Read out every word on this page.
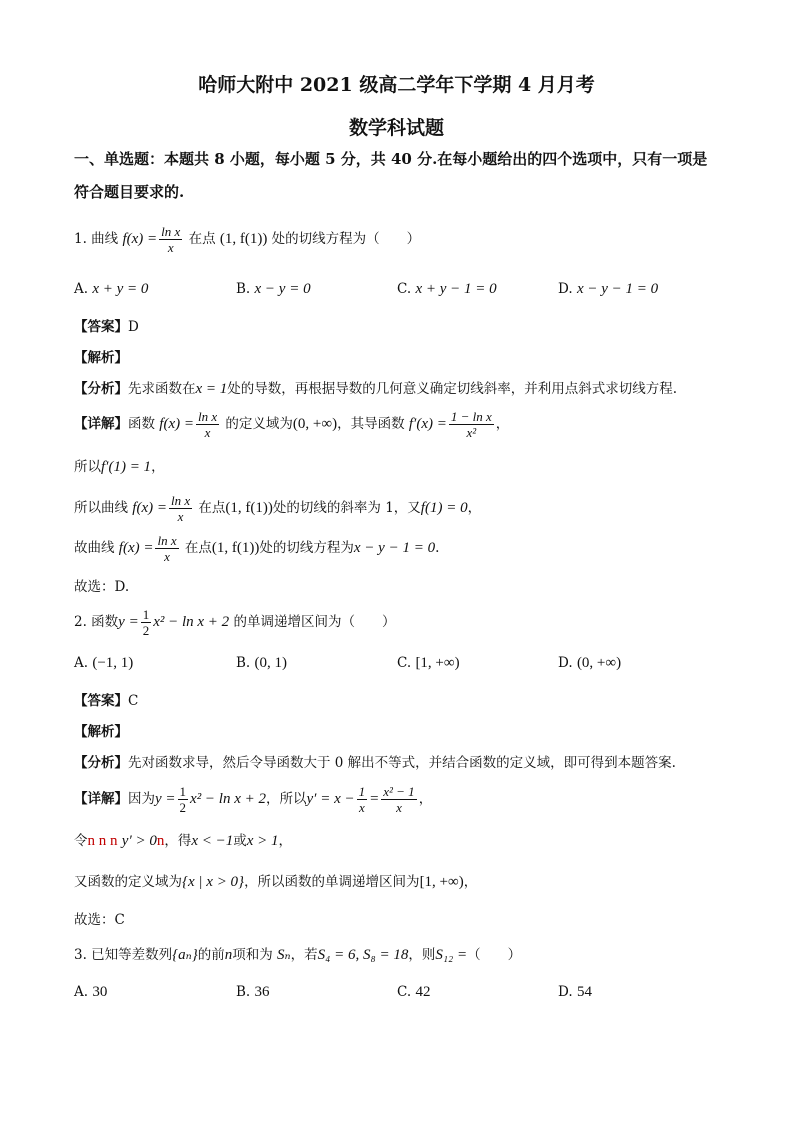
哈师大附中 2021 级高二学年下学期 4 月月考
数学科试题
一、单选题：本题共 8 小题，每小题 5 分，共 40 分.在每小题给出的四个选项中，只有一项是
符合题目要求的.
1. 曲线 $f(x) = \frac{\text{ln x}}{x}$ 在点 (1, f(1)) 处的切线方程为（　　）
A. x + y = 0	B. x − y = 0	C. x + y − 1 = 0	D. x − y − 1 = 0
【答案】D
【解析】
【分析】先求函数在x = 1处的导数，再根据导数的几何意义确定切线斜率，并利用点斜式求切线方程.
【详解】函数 $f(x) = \frac{\text{ln x}}{x}$ 的定义域为(0, +∞)，其导函数 $f'(x) = \frac{\text{1 − ln x}}{\text{x²}}$ ，
所以f′(1) = 1，
所以曲线 $f(x) = \frac{\text{ln x}}{x}$ 在点(1, f(1))处的切线的斜率为 1，又f(1) = 0，
故曲线 $f(x) = \frac{\text{ln x}}{x}$ 在点(1, f(1))处的切线方程为x − y − 1 = 0.
故选：D.
2. 函数$y = \frac{1}{2} x^2 - \ln x + 2$ 的单调递增区间为（　　）
A. (−1, 1)	B. (0, 1)	C. [1, +∞)	D. (0, +∞)
【答案】C
【解析】
【分析】先对函数求导，然后令导函数大于 0 解出不等式，并结合函数的定义域，即可得到本题答案.
【详解】因为$y = \frac{1}{2} x^2 - \ln x + 2$，所以$y' = x - \frac{1}{x} = \frac{\text{x² − 1}}{x}$ ，
令n n n y′ > 0n，得x < −1或x > 1，
又函数的定义域为{x | x > 0}，所以函数的单调递增区间为[1, +∞)，
故选：C
3. 已知等差数列{aₙ}的前n项和为 Sₙ，若S₄ = 6, S₈ = 18，则S₁₂ =（　　）
A. 30	B. 36	C. 42	D. 54
